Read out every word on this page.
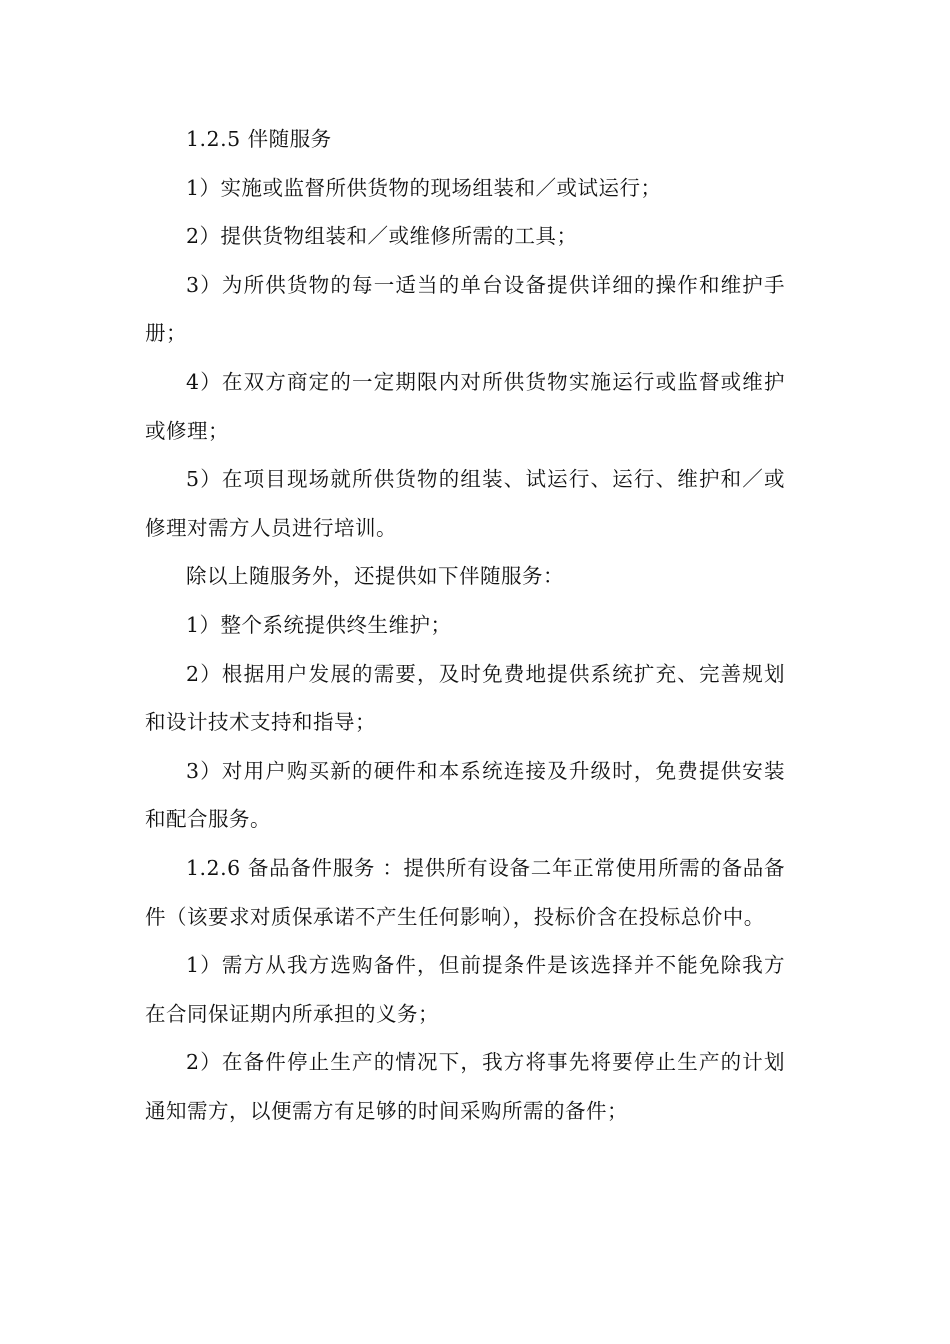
1.2.5 伴随服务

1）实施或监督所供货物的现场组装和／或试运行；

2）提供货物组装和／或维修所需的工具；

3）为所供货物的每一适当的单台设备提供详细的操作和维护手册；

4）在双方商定的一定期限内对所供货物实施运行或监督或维护或修理；

5）在项目现场就所供货物的组装、试运行、运行、维护和／或修理对需方人员进行培训。

除以上随服务外，还提供如下伴随服务：

1）整个系统提供终生维护；

2）根据用户发展的需要，及时免费地提供系统扩充、完善规划和设计技术支持和指导；

3）对用户购买新的硬件和本系统连接及升级时，免费提供安装和配合服务。

1.2.6 备品备件服务 ：提供所有设备二年正常使用所需的备品备件（该要求对质保承诺不产生任何影响），投标价含在投标总价中。

1）需方从我方选购备件，但前提条件是该选择并不能免除我方在合同保证期内所承担的义务；

2）在备件停止生产的情况下，我方将事先将要停止生产的计划通知需方，以便需方有足够的时间采购所需的备件；
